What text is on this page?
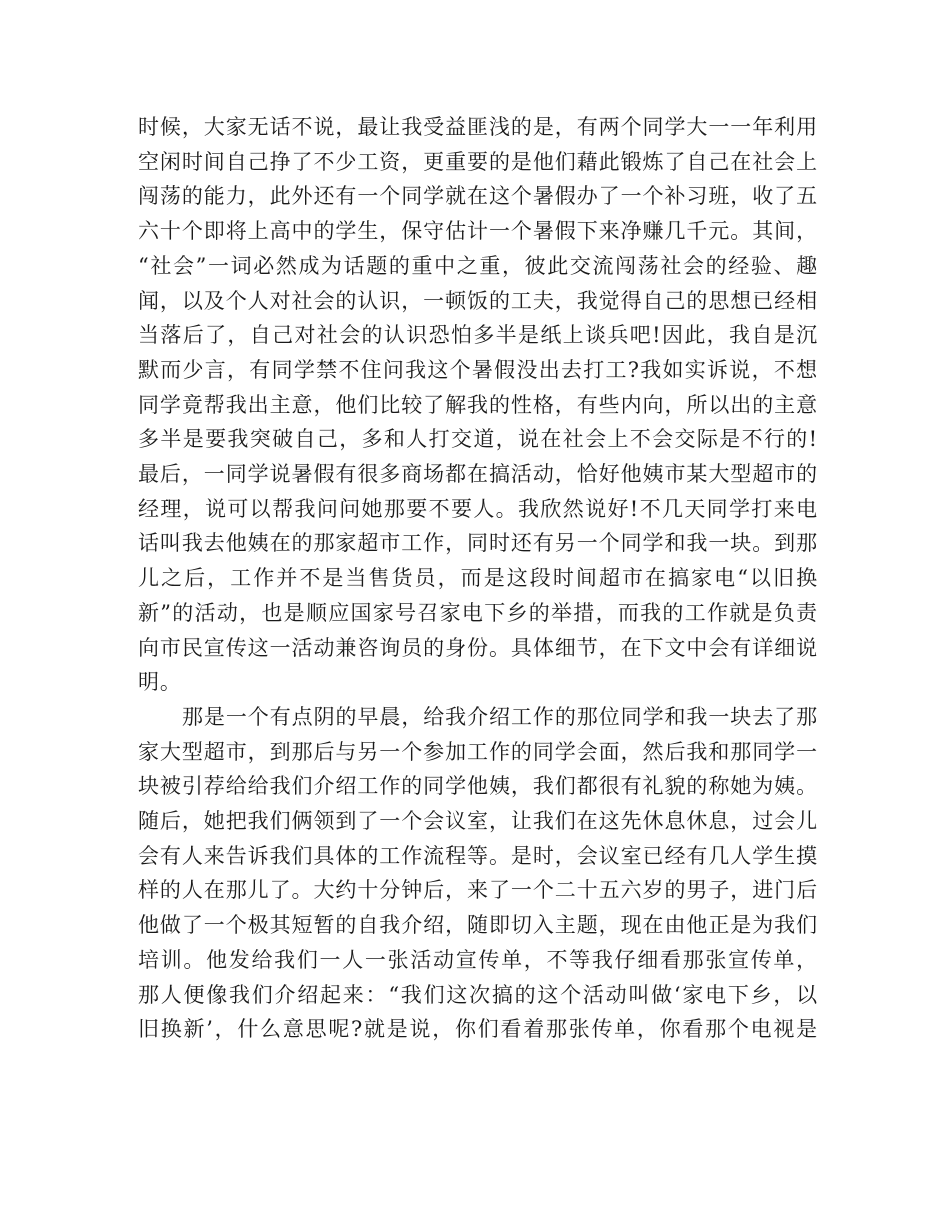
时候，大家无话不说，最让我受益匪浅的是，有两个同学大一一年利用
空闲时间自己挣了不少工资，更重要的是他们藉此锻炼了自己在社会上
闯荡的能力，此外还有一个同学就在这个暑假办了一个补习班，收了五
六十个即将上高中的学生，保守估计一个暑假下来净赚几千元。其间，
“社会”一词必然成为话题的重中之重，彼此交流闯荡社会的经验、趣
闻，以及个人对社会的认识，一顿饭的工夫，我觉得自己的思想已经相
当落后了，自己对社会的认识恐怕多半是纸上谈兵吧!因此，我自是沉
默而少言，有同学禁不住问我这个暑假没出去打工?我如实诉说，不想
同学竟帮我出主意，他们比较了解我的性格，有些内向，所以出的主意
多半是要我突破自己，多和人打交道，说在社会上不会交际是不行的!
最后，一同学说暑假有很多商场都在搞活动，恰好他姨市某大型超市的
经理，说可以帮我问问她那要不要人。我欣然说好!不几天同学打来电
话叫我去他姨在的那家超市工作，同时还有另一个同学和我一块。到那
儿之后，工作并不是当售货员，而是这段时间超市在搞家电“以旧换
新”的活动，也是顺应国家号召家电下乡的举措，而我的工作就是负责
向市民宣传这一活动兼咨询员的身份。具体细节，在下文中会有详细说
明。
那是一个有点阴的早晨，给我介绍工作的那位同学和我一块去了那
家大型超市，到那后与另一个参加工作的同学会面，然后我和那同学一
块被引荐给给我们介绍工作的同学他姨，我们都很有礼貌的称她为姨。
随后，她把我们俩领到了一个会议室，让我们在这先休息休息，过会儿
会有人来告诉我们具体的工作流程等。是时，会议室已经有几人学生摸
样的人在那儿了。大约十分钟后，来了一个二十五六岁的男子，进门后
他做了一个极其短暂的自我介绍，随即切入主题，现在由他正是为我们
培训。他发给我们一人一张活动宣传单，不等我仔细看那张宣传单，
那人便像我们介绍起来：“我们这次搞的这个活动叫做‘家电下乡，以
旧换新’，什么意思呢?就是说，你们看着那张传单，你看那个电视是
